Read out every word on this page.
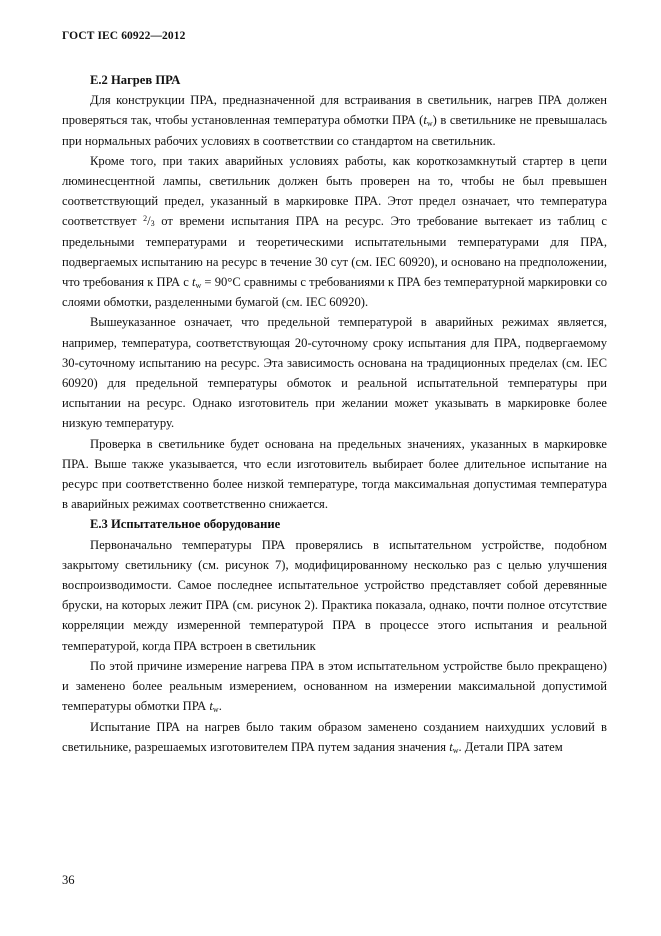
ГОСТ IEC 60922—2012

E.2 Нагрев ПРА

Для конструкции ПРА, предназначенной для встраивания в светильник, нагрев ПРА должен проверяться так, чтобы установленная температура обмотки ПРА $(t_w)$ в светильнике не превышалась при нормальных рабочих условиях в соответствии со стандартом на светильник.

Кроме того, при таких аварийных условиях работы, как короткозамкнутый стартер в цепи люминесцентной лампы, светильник должен быть проверен на то, чтобы не был превышен соответствующий предел, указанный в маркировке ПРА. Этот предел означает, что температура соответствует $^2/_3$ от времени испытания ПРА на ресурс. Это требование вытекает из таблиц с предельными температурами и теоретическими испытательными температурами для ПРА, подвергаемых испытанию на ресурс в течение 30 сут (см. IEC 60920), и основано на предположении, что требования к ПРА с $t_w = 90^\circ С$ сравнимы с требованиями к ПРА без температурной маркировки со слоями обмотки, разделенными бумагой (см. IEC 60920).

Вышеуказанное означает, что предельной температурой в аварийных режимах является, например, температура, соответствующая 20-суточному сроку испытания для ПРА, подвергаемому 30-суточному испытанию на ресурс. Эта зависимость основана на традиционных пределах (см. IEC 60920) для предельной температуры обмоток и реальной испытательной температуры при испытании на ресурс. Однако изготовитель при желании может указывать в маркировке более низкую температуру.

Проверка в светильнике будет основана на предельных значениях, указанных в маркировке ПРА. Выше также указывается, что если изготовитель выбирает более длительное испытание на ресурс при соответственно более низкой температуре, тогда максимальная допустимая температура в аварийных режимах соответственно снижается.

E.3 Испытательное оборудование

Первоначально температуры ПРА проверялись в испытательном устройстве, подобном закрытому светильнику (см. рисунок 7), модифицированному несколько раз с целью улучшения воспроизводимости. Самое последнее испытательное устройство представляет собой деревянные бруски, на которых лежит ПРА (см. рисунок 2). Практика показала, однако, почти полное отсутствие корреляции между измеренной температурой ПРА в процессе этого испытания и реальной температурой, когда ПРА встроен в светильник

По этой причине измерение нагрева ПРА в этом испытательном устройстве было прекращено) и заменено более реальным измерением, основанном на измерении максимальной допустимой температуры обмотки ПРА $t_w$.

Испытание ПРА на нагрев было таким образом заменено созданием наихудших условий в светильнике, разрешаемых изготовителем ПРА путем задания значения $t_w$. Детали ПРА затем

36
